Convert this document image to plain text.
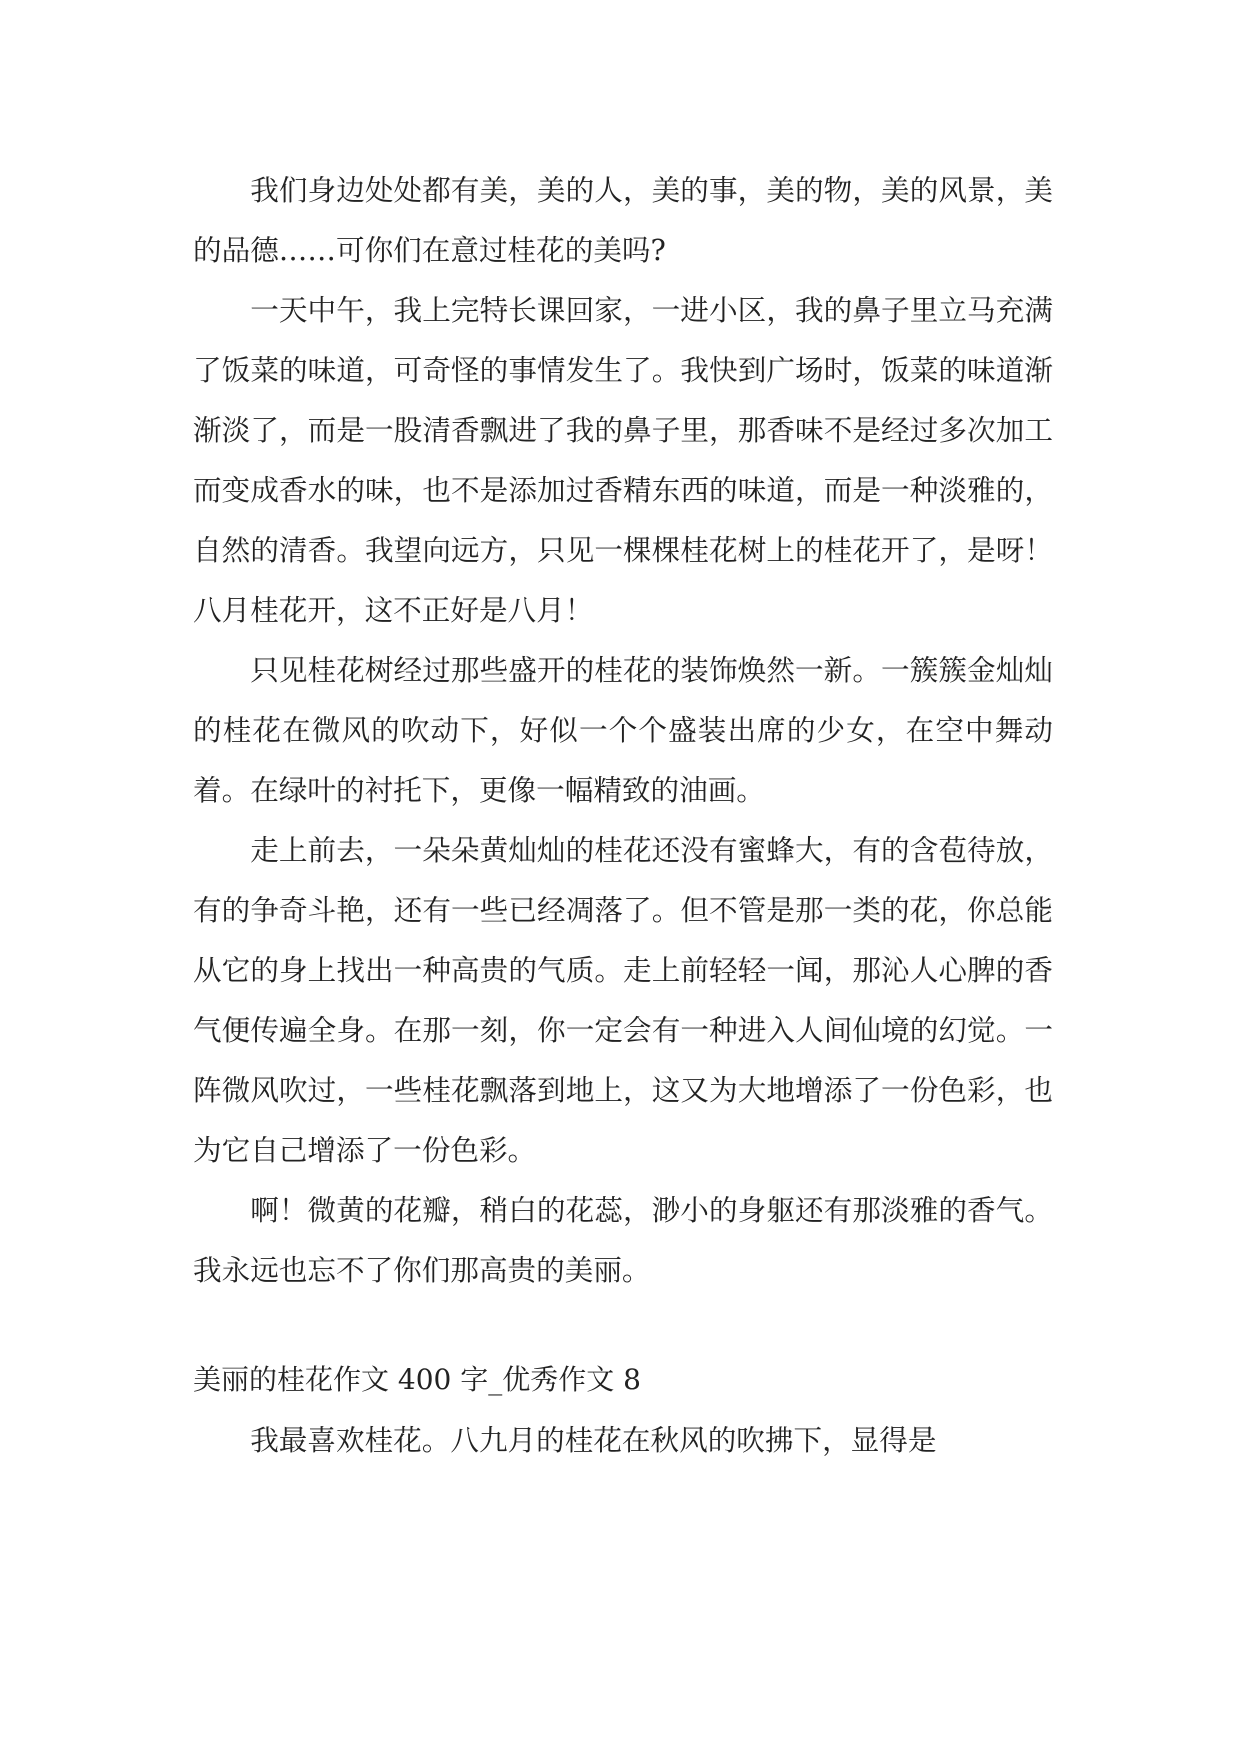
我们身边处处都有美，美的人，美的事，美的物，美的风景，美的品德……可你们在意过桂花的美吗?

一天中午，我上完特长课回家，一进小区，我的鼻子里立马充满了饭菜的味道，可奇怪的事情发生了。我快到广场时，饭菜的味道渐渐淡了，而是一股清香飘进了我的鼻子里，那香味不是经过多次加工而变成香水的味，也不是添加过香精东西的味道，而是一种淡雅的，自然的清香。我望向远方，只见一棵棵桂花树上的桂花开了，是呀！八月桂花开，这不正好是八月！

只见桂花树经过那些盛开的桂花的装饰焕然一新。一簇簇金灿灿的桂花在微风的吹动下，好似一个个盛装出席的少女，在空中舞动着。在绿叶的衬托下，更像一幅精致的油画。

走上前去，一朵朵黄灿灿的桂花还没有蜜蜂大，有的含苞待放，有的争奇斗艳，还有一些已经凋落了。但不管是那一类的花，你总能从它的身上找出一种高贵的气质。走上前轻轻一闻，那沁人心脾的香气便传遍全身。在那一刻，你一定会有一种进入人间仙境的幻觉。一阵微风吹过，一些桂花飘落到地上，这又为大地增添了一份色彩，也为它自己增添了一份色彩。

啊！微黄的花瓣，稍白的花蕊，渺小的身躯还有那淡雅的香气。我永远也忘不了你们那高贵的美丽。

美丽的桂花作文 400 字_优秀作文 8

我最喜欢桂花。八九月的桂花在秋风的吹拂下，显得是
